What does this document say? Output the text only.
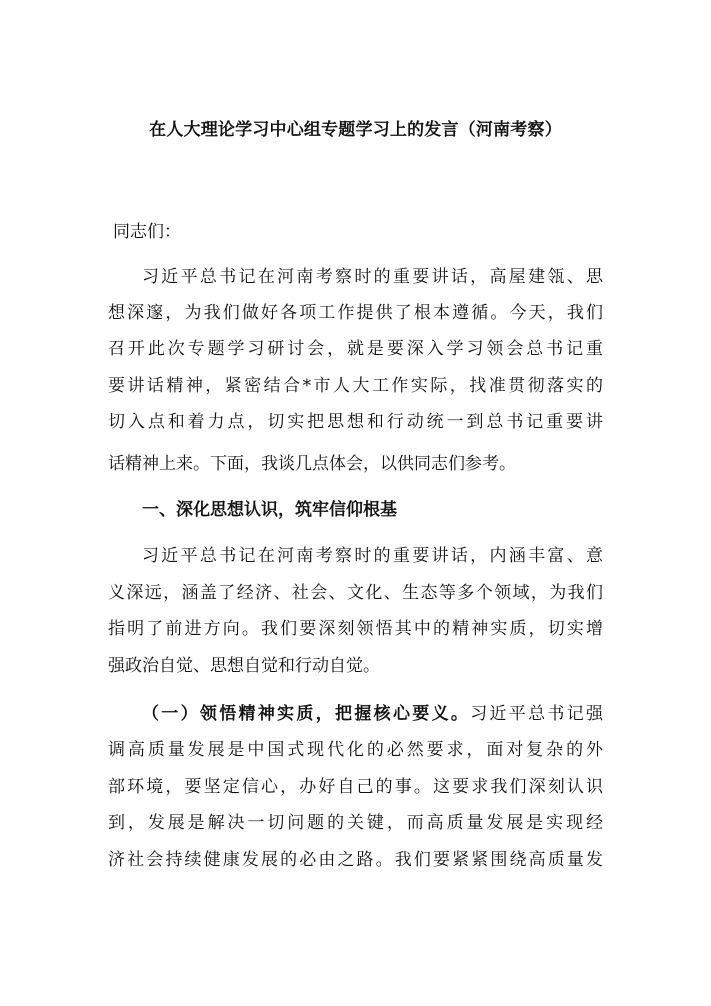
在人大理论学习中心组专题学习上的发言（河南考察）
同志们：
习近平总书记在河南考察时的重要讲话，高屋建瓴、思
想深邃，为我们做好各项工作提供了根本遵循。今天，我们
召开此次专题学习研讨会，就是要深入学习领会总书记重
要讲话精神，紧密结合*市人大工作实际，找准贯彻落实的
切入点和着力点，切实把思想和行动统一到总书记重要讲
话精神上来。下面，我谈几点体会，以供同志们参考。
一、深化思想认识，筑牢信仰根基
习近平总书记在河南考察时的重要讲话，内涵丰富、意
义深远，涵盖了经济、社会、文化、生态等多个领域，为我们
指明了前进方向。我们要深刻领悟其中的精神实质，切实增
强政治自觉、思想自觉和行动自觉。
（一）领悟精神实质，把握核心要义。习近平总书记强
调高质量发展是中国式现代化的必然要求，面对复杂的外
部环境，要坚定信心，办好自己的事。这要求我们深刻认识
到，发展是解决一切问题的关键，而高质量发展是实现经
济社会持续健康发展的必由之路。我们要紧紧围绕高质量发
